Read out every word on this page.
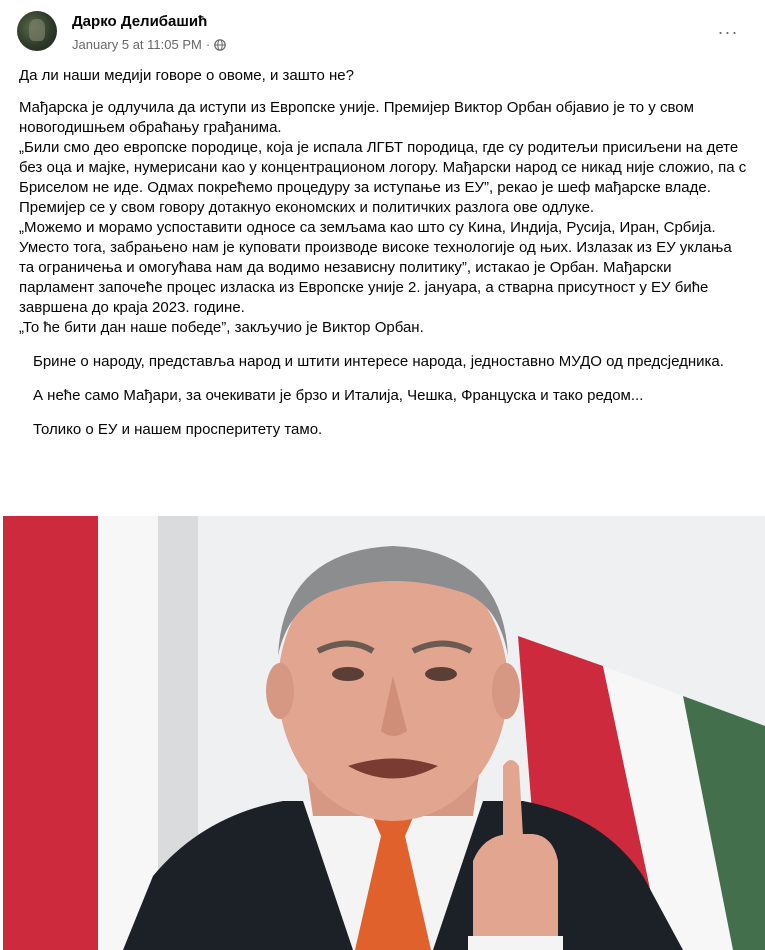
Дарко Делибашић
January 5 at 11:05 PM ·
···

Да ли наши медији говоре о овоме, и зашто не?

Мађарска је одлучила да иступи из Европске уније. Премијер Виктор Орбан објавио је то у свом новогодишњем обраћању грађанима.

„Били смо део европске породице, која је испала ЛГБТ породица, где су родитељи присиљени на дете без оца и мајке, нумерисани као у концентрационом логору. Мађарски народ се никад није сложио, па с Бриселом не иде. Одмах покрећемо процедуру за иступање из ЕУ”, рекао је шеф мађарске владе. Премијер се у свом говору дотакнуо економских и политичких разлога ове одлуке.

„Можемо и морамо успоставити односе са земљама као што су Кина, Индија, Русија, Иран, Србија. Уместо тога, забрањено нам је куповати производе високе технологије од њих. Излазак из ЕУ уклања та ограничења и омогућава нам да водимо независну политику”, истакао је Орбан. Мађарски парламент започеће процес изласка из Европске уније 2. јануара, а стварна присутност у ЕУ биће завршена до краја 2023. године.

„То ће бити дан наше победе”, закључио је Виктор Орбан.

Брине о народу, представља народ и штити интересе народа, једноставно МУДО од предсједника.

А неће само Мађари, за очекивати је брзо и Италија, Чешка, Француска и тако редом...

Толико о ЕУ и нашем просперитету тамо.
